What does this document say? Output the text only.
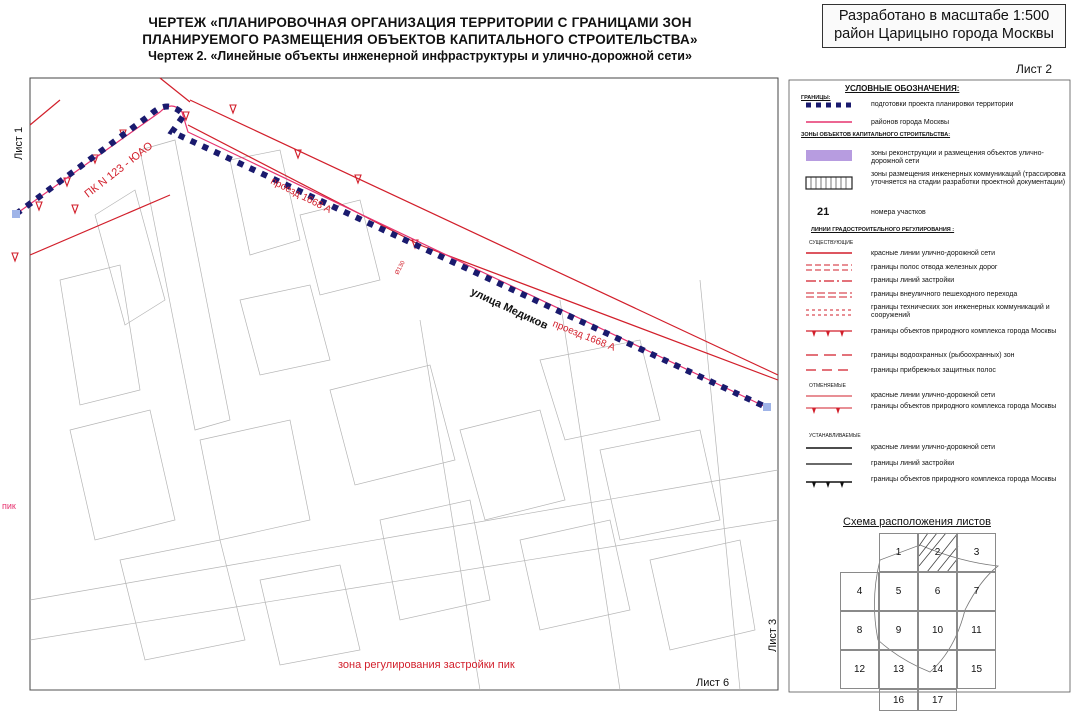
ЧЕРТЕЖ «ПЛАНИРОВОЧНАЯ ОРГАНИЗАЦИЯ ТЕРРИТОРИИ С ГРАНИЦАМИ ЗОН
ПЛАНИРУЕМОГО РАЗМЕЩЕНИЯ ОБЪЕКТОВ КАПИТАЛЬНОГО СТРОИТЕЛЬСТВА»
Чертеж 2. «Линейные объекты инженерной инфраструктуры и улично-дорожной сети»
Разработано в масштабе 1:500
район Царицыно города Москвы
Лист 2
Ø130
проезд 1668 А
проезд 1668 А
улица Медиков
ПК N 123 - ЮАО
зона регулирования застройки пик
пик
Лист 1
Лист 3
Лист 6
УСЛОВНЫЕ ОБОЗНАЧЕНИЯ:
ГРАНИЦЫ:
подготовки проекта планировки территории
районов города Москвы
ЗОНЫ ОБЪЕКТОВ КАПИТАЛЬНОГО СТРОИТЕЛЬСТВА:
зоны реконструкции и размещения объектов улично-дорожной сети
зоны размещения инженерных коммуникаций (трассировка уточняется на стадии разработки проектной документации)
21	номера участков
ЛИНИИ ГРАДОСТРОИТЕЛЬНОГО РЕГУЛИРОВАНИЯ :
СУЩЕСТВУЮЩИЕ
красные линии улично-дорожной сети
границы полос отвода железных дорог
границы линий застройки
границы внеуличного пешеходного перехода
границы технических зон инженерных коммуникаций и сооружений
границы объектов природного комплекса города Москвы
границы водоохранных (рыбоохранных) зон
границы прибрежных защитных полос
ОТМЕНЯЕМЫЕ
красные линии улично-дорожной сети
границы объектов природного комплекса города Москвы
УСТАНАВЛИВАЕМЫЕ
красные линии улично-дорожной сети
границы линий застройки
границы объектов природного комплекса города Москвы
Схема расположения листов
1	2	3
4	5	6	7
8	9	10	11
12	13	14	15
16	17
